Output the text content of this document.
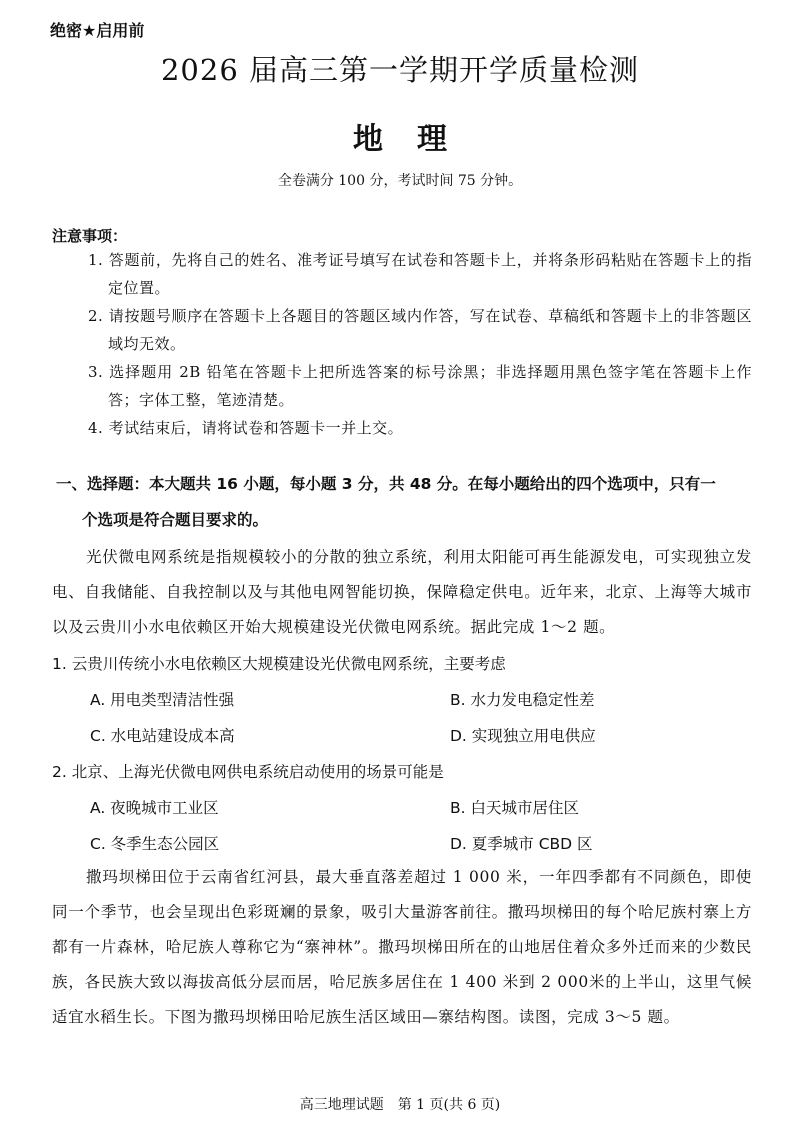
绝密★启用前
2026 届高三第一学期开学质量检测
地理
全卷满分 100 分，考试时间 75 分钟。
注意事项：
1. 答题前，先将自己的姓名、准考证号填写在试卷和答题卡上，并将条形码粘贴在答题卡上的指定位置。
2. 请按题号顺序在答题卡上各题目的答题区域内作答，写在试卷、草稿纸和答题卡上的非答题区域均无效。
3. 选择题用 2B 铅笔在答题卡上把所选答案的标号涂黑；非选择题用黑色签字笔在答题卡上作答；字体工整，笔迹清楚。
4. 考试结束后，请将试卷和答题卡一并上交。
一、选择题：本大题共 16 小题，每小题 3 分，共 48 分。在每小题给出的四个选项中，只有一
个选项是符合题目要求的。

光伏微电网系统是指规模较小的分散的独立系统，利用太阳能可再生能源发电，可实现独立发电、自我储能、自我控制以及与其他电网智能切换，保障稳定供电。近年来，北京、上海等大城市以及云贵川小水电依赖区开始大规模建设光伏微电网系统。据此完成 1～2 题。

1. 云贵川传统小水电依赖区大规模建设光伏微电网系统，主要考虑
A. 用电类型清洁性强	B. 水力发电稳定性差
C. 水电站建设成本高	D. 实现独立用电供应
2. 北京、上海光伏微电网供电系统启动使用的场景可能是
A. 夜晚城市工业区	B. 白天城市居住区
C. 冬季生态公园区	D. 夏季城市 CBD 区

撒玛坝梯田位于云南省红河县，最大垂直落差超过 1 000 米，一年四季都有不同颜色，即使同一个季节，也会呈现出色彩斑斓的景象，吸引大量游客前往。撒玛坝梯田的每个哈尼族村寨上方都有一片森林，哈尼族人尊称它为“寨神林”。撒玛坝梯田所在的山地居住着众多外迁而来的少数民族，各民族大致以海拔高低分层而居，哈尼族多居住在 1 400 米到 2 000米的上半山，这里气候适宜水稻生长。下图为撒玛坝梯田哈尼族生活区域田—寨结构图。读图，完成 3～5 题。

高三地理试题　第 1 页(共 6 页)
